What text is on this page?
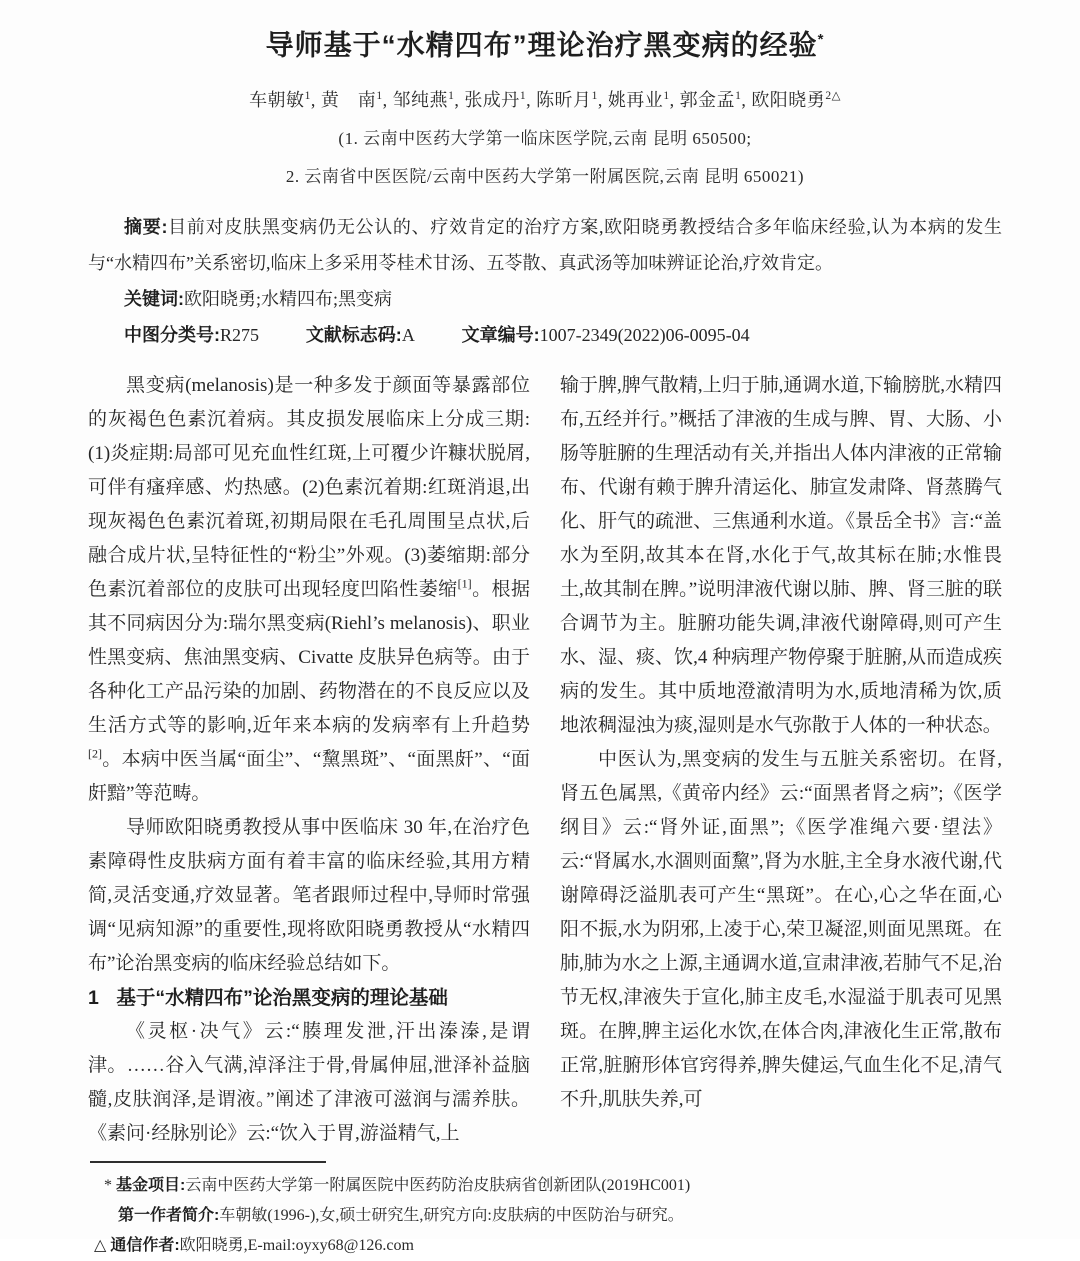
导师基于“水精四布”理论治疗黑变病的经验*
车朝敏$^1$, 黄　南$^1$, 邹纯燕$^1$, 张成丹$^1$, 陈昕月$^1$, 姚再业$^1$, 郭金孟$^1$, 欧阳晓勇$^{2\triangle}$
(1. 云南中医药大学第一临床医学院,云南 昆明 650500;
2. 云南省中医医院/云南中医药大学第一附属医院,云南 昆明 650021)

摘要:目前对皮肤黑变病仍无公认的、疗效肯定的治疗方案,欧阳晓勇教授结合多年临床经验,认为本病的发生与“水精四布”关系密切,临床上多采用苓桂术甘汤、五苓散、真武汤等加味辨证论治,疗效肯定。

关键词:欧阳晓勇;水精四布;黑变病

中图分类号:R275	文献标志码:A	文章编号:1007-2349(2022)06-0095-04

黑变病(melanosis)是一种多发于颜面等暴露部位的灰褐色色素沉着病。其皮损发展临床上分成三期:(1)炎症期:局部可见充血性红斑,上可覆少许糠状脱屑,可伴有瘙痒感、灼热感。(2)色素沉着期:红斑消退,出现灰褐色色素沉着斑,初期局限在毛孔周围呈点状,后融合成片状,呈特征性的“粉尘”外观。(3)萎缩期:部分色素沉着部位的皮肤可出现轻度凹陷性萎缩[1]。根据其不同病因分为:瑞尔黑变病(Riehl’s melanosis)、职业性黑变病、焦油黑变病、Civatte 皮肤异色病等。由于各种化工产品污染的加剧、药物潜在的不良反应以及生活方式等的影响,近年来本病的发病率有上升趋势[2]。本病中医当属“面尘”、“黧黑斑”、“面黑皯”、“面皯黯”等范畴。

导师欧阳晓勇教授从事中医临床 30 年,在治疗色素障碍性皮肤病方面有着丰富的临床经验,其用方精简,灵活变通,疗效显著。笔者跟师过程中,导师时常强调“见病知源”的重要性,现将欧阳晓勇教授从“水精四布”论治黑变病的临床经验总结如下。

1 基于“水精四布”论治黑变病的理论基础

《灵枢·决气》云:“腠理发泄,汗出溱溱,是谓津。……谷入气满,淖泽注于骨,骨属伸屈,泄泽补益脑髓,皮肤润泽,是谓液。”阐述了津液可滋润与濡养肤。《素问·经脉别论》云:“饮入于胃,游溢精气,上

输于脾,脾气散精,上归于肺,通调水道,下输膀胱,水精四布,五经并行。”概括了津液的生成与脾、胃、大肠、小肠等脏腑的生理活动有关,并指出人体内津液的正常输布、代谢有赖于脾升清运化、肺宣发肃降、肾蒸腾气化、肝气的疏泄、三焦通利水道。《景岳全书》言:“盖水为至阴,故其本在肾,水化于气,故其标在肺;水惟畏土,故其制在脾。”说明津液代谢以肺、脾、肾三脏的联合调节为主。脏腑功能失调,津液代谢障碍,则可产生水、湿、痰、饮,4 种病理产物停聚于脏腑,从而造成疾病的发生。其中质地澄澈清明为水,质地清稀为饮,质地浓稠湿浊为痰,湿则是水气弥散于人体的一种状态。

中医认为,黑变病的发生与五脏关系密切。在肾,肾五色属黑,《黄帝内经》云:“面黑者肾之病”;《医学纲目》云:“肾外证,面黑”;《医学准绳六要·望法》云:“肾属水,水涸则面黧”,肾为水脏,主全身水液代谢,代谢障碍泛溢肌表可产生“黑斑”。在心,心之华在面,心阳不振,水为阴邪,上凌于心,荣卫凝涩,则面见黑斑。在肺,肺为水之上源,主通调水道,宣肃津液,若肺气不足,治节无权,津液失于宣化,肺主皮毛,水湿溢于肌表可见黑斑。在脾,脾主运化水饮,在体合肉,津液化生正常,散布正常,脏腑形体官窍得养,脾失健运,气血生化不足,清气不升,肌肤失养,可

* 基金项目:云南中医药大学第一附属医院中医药防治皮肤病省创新团队(2019HC001)

第一作者简介:车朝敏(1996-),女,硕士研究生,研究方向:皮肤病的中医防治与研究。

△ 通信作者:欧阳晓勇,E-mail:oyxy68@126.com
